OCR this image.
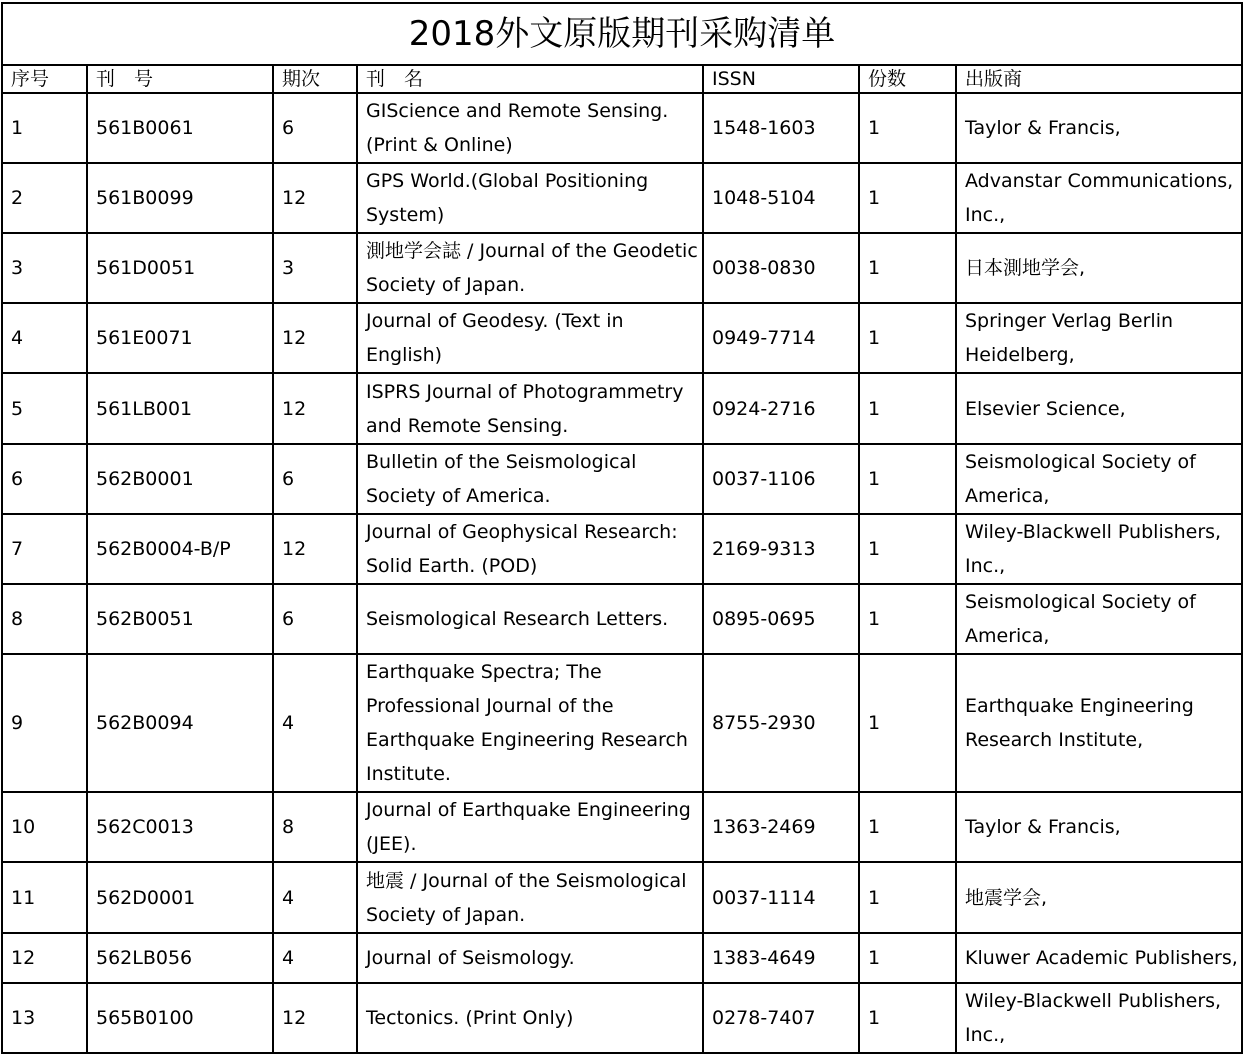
2018外文原版期刊采购清单						
序号	刊　号	期次	刊　名	ISSN	份数	出版商
1	561B0061	6	GIScience and Remote Sensing. (Print & Online)	1548-1603	1	Taylor & Francis,
2	561B0099	12	GPS World.(Global Positioning System)	1048-5104	1	Advanstar Communications, Inc.,
3	561D0051	3	測地学会誌 / Journal of the Geodetic Society of Japan.	0038-0830	1	日本測地学会,
4	561E0071	12	Journal of Geodesy. (Text in English)	0949-7714	1	Springer Verlag Berlin Heidelberg,
5	561LB001	12	ISPRS Journal of Photogrammetry and Remote Sensing.	0924-2716	1	Elsevier Science,
6	562B0001	6	Bulletin of the Seismological Society of America.	0037-1106	1	Seismological Society of America,
7	562B0004-B/P	12	Journal of Geophysical Research: Solid Earth. (POD)	2169-9313	1	Wiley-Blackwell Publishers, Inc.,
8	562B0051	6	Seismological Research Letters.	0895-0695	1	Seismological Society of America,
9	562B0094	4	Earthquake Spectra; The Professional Journal of the Earthquake Engineering Research Institute.	8755-2930	1	Earthquake Engineering Research Institute,
10	562C0013	8	Journal of Earthquake Engineering (JEE).	1363-2469	1	Taylor & Francis,
11	562D0001	4	地震 / Journal of the Seismological Society of Japan.	0037-1114	1	地震学会,
12	562LB056	4	Journal of Seismology.	1383-4649	1	Kluwer Academic Publishers,
13	565B0100	12	Tectonics. (Print Only)	0278-7407	1	Wiley-Blackwell Publishers, Inc.,
